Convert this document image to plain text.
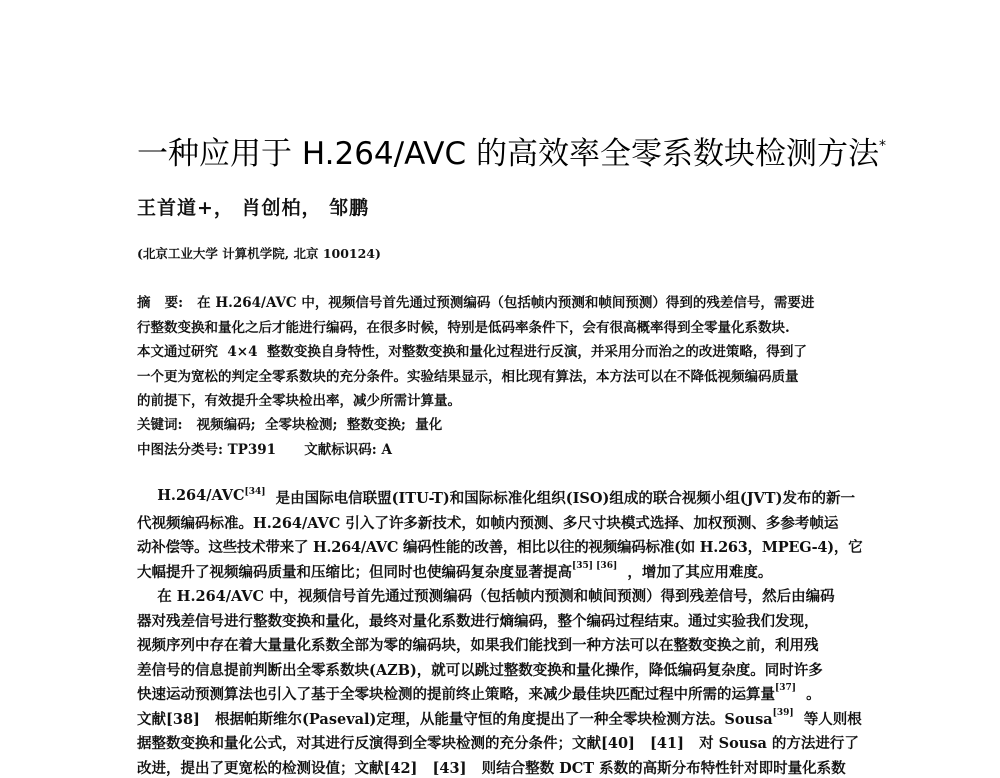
一种应用于 H.264/AVC 的高效率全零系数块检测方法*
王首道+， 肖创柏， 邹鹏
(北京工业大学 计算机学院, 北京 100124)
摘   要:   在 H.264/AVC 中，视频信号首先通过预测编码（包括帧内预测和帧间预测）得到的残差信号，需要进
行整数变换和量化之后才能进行编码，在很多时候，特别是低码率条件下，会有很高概率得到全零量化系数块.
本文通过研究  4×4  整数变换自身特性，对整数变换和量化过程进行反演，并采用分而治之的改进策略，得到了
一个更为宽松的判定全零系数块的充分条件。实验结果显示，相比现有算法，本方法可以在不降低视频编码质量
的前提下，有效提升全零块检出率，减少所需计算量。
关键词:   视频编码;  全零块检测;  整数变换;  量化
中图法分类号: TP391      文献标识码: A
H.264/AVC [34] 是由国际电信联盟(ITU-T)和国际标准化组织(ISO)组成的联合视频小组(JVT)发布的新一
代视频编码标准。H.264/AVC 引入了许多新技术，如帧内预测、多尺寸块模式选择、加权预测、多参考帧运
动补偿等。这些技术带来了 H.264/AVC 编码性能的改善，相比以往的视频编码标准(如 H.263，MPEG-4)，它
大幅提升了视频编码质量和压缩比；但同时也使编码复杂度显著提高 [35] [36] ，增加了其应用难度。
在 H.264/AVC 中，视频信号首先通过预测编码（包括帧内预测和帧间预测）得到残差信号，然后由编码
器对残差信号进行整数变换和量化，最终对量化系数进行熵编码，整个编码过程结束。通过实验我们发现，
视频序列中存在着大量量化系数全部为零的编码块，如果我们能找到一种方法可以在整数变换之前，利用残
差信号的信息提前判断出全零系数块(AZB)，就可以跳过整数变换和量化操作，降低编码复杂度。同时许多
快速运动预测算法也引入了基于全零块检测的提前终止策略，来减少最佳块匹配过程中所需的运算量 [37] 。
文献[38]   根据帕斯维尔(Paseval)定理，从能量守恒的角度提出了一种全零块检测方法。Sousa [39] 等人则根
据整数变换和量化公式，对其进行反演得到全零块检测的充分条件；文献[40]   [41]   对 Sousa 的方法进行了
改进，提出了更宽松的检测设值；文献[42]   [43]   则结合整数 DCT 系数的高斯分布特性针对即时量化系数
